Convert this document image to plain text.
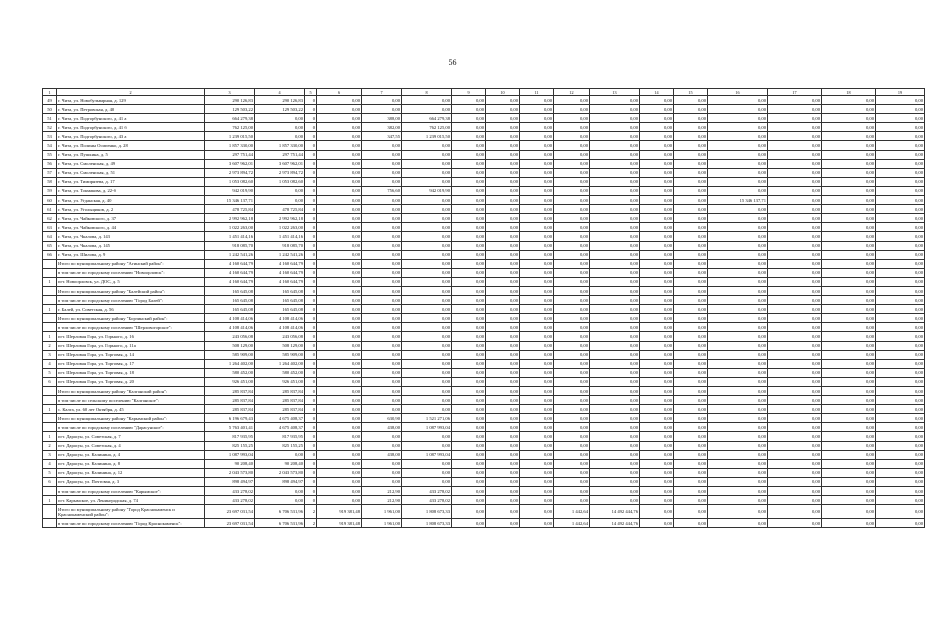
56
1	2	3	4	5	6	7	8	9	10	11	12	13	14	15	16	17	18	19
49	г. Чита, ул. Новобульварная, д. 129	290 126,83	290 126,83	0	0,00	0,00	0,00	0,00	0,00	0,00	0,00	0,00	0,00	0,00	0,00	0,00	0,00	0,00
50	г. Чита, ул. Петровская, д. 40	129 503,22	129 503,22	0	0,00	0,00	0,00	0,00	0,00	0,00	0,00	0,00	0,00	0,00	0,00	0,00	0,00	0,00
51	г. Чита, ул. Подгорбунского, д. 41 а	664 279,38	0,00	0	0,00	388,00	664 279,38	0,00	0,00	0,00	0,00	0,00	0,00	0,00	0,00	0,00	0,00	0,00
52	г. Чита, ул. Подгорбунского, д. 41 б	762 125,00	0,00	0	0,00	382,00	762 125,00	0,00	0,00	0,00	0,00	0,00	0,00	0,00	0,00	0,00	0,00	0,00
53	г. Чита, ул. Подгорбунского, д. 43 а	1 239 015,50	0,00	0	0,00	347,55	1 239 015,50	0,00	0,00	0,00	0,00	0,00	0,00	0,00	0,00	0,00	0,00	0,00
54	г. Чита, ул. Полины Осипенко, д. 28	1 857 330,00	1 857 330,00	0	0,00	0,00	0,00	0,00	0,00	0,00	0,00	0,00	0,00	0,00	0,00	0,00	0,00	0,00
55	г. Чита, ул. Пушкина, д. 5	297 751,44	297 751,44	0	0,00	0,00	0,00	0,00	0,00	0,00	0,00	0,00	0,00	0,00	0,00	0,00	0,00	0,00
56	г. Чита, ул. Смоленская, д. 49	3 607 962,01	3 607 962,01	0	0,00	0,00	0,00	0,00	0,00	0,00	0,00	0,00	0,00	0,00	0,00	0,00	0,00	0,00
57	г. Чита, ул. Смоленская, д. 51	2 973 894,72	2 973 894,72	0	0,00	0,00	0,00	0,00	0,00	0,00	0,00	0,00	0,00	0,00	0,00	0,00	0,00	0,00
58	г. Чита, ул. Тимирязева, д. 17	1 053 082,60	1 053 082,60	0	0,00	0,00	0,00	0,00	0,00	0,00	0,00	0,00	0,00	0,00	0,00	0,00	0,00	0,00
59	г. Чита, ул. Токмакова, д. 22-б	942 019,90	0,00	0	0,00	756,60	942 019,90	0,00	0,00	0,00	0,00	0,00	0,00	0,00	0,00	0,00	0,00	0,00
60	г. Чита, ул. Угданская, д. 40	15 346 137,71	0,00	0	0,00	0,00	0,00	0,00	0,00	0,00	0,00	0,00	0,00	0,00	15 346 137,71	0,00	0,00	0,00
61	г. Чита, ул. Угольщиков, д. 2	478 725,84	478 725,84	0	0,00	0,00	0,00	0,00	0,00	0,00	0,00	0,00	0,00	0,00	0,00	0,00	0,00	0,00
62	г. Чита, ул. Чайковского, д. 37	2 992 962,18	2 992 962,18	0	0,00	0,00	0,00	0,00	0,00	0,00	0,00	0,00	0,00	0,00	0,00	0,00	0,00	0,00
63	г. Чита, ул. Чайковского, д. 44	1 022 263,00	1 022 263,00	0	0,00	0,00	0,00	0,00	0,00	0,00	0,00	0,00	0,00	0,00	0,00	0,00	0,00	0,00
64	г. Чита, ул. Чкалова, д. 143	1 451 414,16	1 451 414,16	0	0,00	0,00	0,00	0,00	0,00	0,00	0,00	0,00	0,00	0,00	0,00	0,00	0,00	0,00
65	г. Чита, ул. Чкалова, д. 145	918 085,70	918 085,70	0	0,00	0,00	0,00	0,00	0,00	0,00	0,00	0,00	0,00	0,00	0,00	0,00	0,00	0,00
66	г. Чита, ул. Шилова, д. 9	1 242 541,26	1 242 541,26	0	0,00	0,00	0,00	0,00	0,00	0,00	0,00	0,00	0,00	0,00	0,00	0,00	0,00	0,00
	Итого по муниципальному району "Агинский район":	4 160 644,79	4 160 644,79	0	0,00	0,00	0,00	0,00	0,00	0,00	0,00	0,00	0,00	0,00	0,00	0,00	0,00	0,00
	в том числе по городскому поселению "Новоорловск":	4 160 644,79	4 160 644,79	0	0,00	0,00	0,00	0,00	0,00	0,00	0,00	0,00	0,00	0,00	0,00	0,00	0,00	0,00
1	пгт. Новоорловск, ул. ДОС, д. 5	4 160 644,79	4 160 644,79	0	0,00	0,00	0,00	0,00	0,00	0,00	0,00	0,00	0,00	0,00	0,00	0,00	0,00	0,00
	Итого по муниципальному району "Балейский район":	165 645,08	165 645,08	0	0,00	0,00	0,00	0,00	0,00	0,00	0,00	0,00	0,00	0,00	0,00	0,00	0,00	0,00
	в том числе по городскому поселению "Город Балей":	165 645,08	165 645,08	0	0,00	0,00	0,00	0,00	0,00	0,00	0,00	0,00	0,00	0,00	0,00	0,00	0,00	0,00
1	г. Балей, ул. Советская, д. 56	165 645,08	165 645,08	0	0,00	0,00	0,00	0,00	0,00	0,00	0,00	0,00	0,00	0,00	0,00	0,00	0,00	0,00
	Итого по муниципальному району "Борзинский район":	4 108 414,06	4 108 414,06	0	0,00	0,00	0,00	0,00	0,00	0,00	0,00	0,00	0,00	0,00	0,00	0,00	0,00	0,00
	в том числе по городскому поселению "Шерловогорское":	4 108 414,06	4 108 414,06	0	0,00	0,00	0,00	0,00	0,00	0,00	0,00	0,00	0,00	0,00	0,00	0,00	0,00	0,00
1	пгт. Шерловая Гора, ул. Горького, д. 16	243 056,08	243 056,08	0	0,00	0,00	0,00	0,00	0,00	0,00	0,00	0,00	0,00	0,00	0,00	0,00	0,00	0,00
2	пгт. Шерловая Гора, ул. Горького, д. 11а	508 129,00	508 129,00	0	0,00	0,00	0,00	0,00	0,00	0,00	0,00	0,00	0,00	0,00	0,00	0,00	0,00	0,00
3	пгт. Шерловая Гора, ул. Торговая, д. 14	585 909,00	585 909,00	0	0,00	0,00	0,00	0,00	0,00	0,00	0,00	0,00	0,00	0,00	0,00	0,00	0,00	0,00
4	пгт. Шерловая Гора, ул. Торговая, д. 17	1 264 402,00	1 264 402,00	0	0,00	0,00	0,00	0,00	0,00	0,00	0,00	0,00	0,00	0,00	0,00	0,00	0,00	0,00
5	пгт. Шерловая Гора, ул. Торговая, д. 18	580 452,00	580 452,00	0	0,00	0,00	0,00	0,00	0,00	0,00	0,00	0,00	0,00	0,00	0,00	0,00	0,00	0,00
6	пгт. Шерловая Гора, ул. Торговая, д. 20	926 451,00	926 451,00	0	0,00	0,00	0,00	0,00	0,00	0,00	0,00	0,00	0,00	0,00	0,00	0,00	0,00	0,00
	Итого по муниципальному району "Калганский район":	285 837,84	285 837,84	0	0,00	0,00	0,00	0,00	0,00	0,00	0,00	0,00	0,00	0,00	0,00	0,00	0,00	0,00
	в том числе по сельскому поселению "Калганское":	285 837,84	285 837,84	0	0,00	0,00	0,00	0,00	0,00	0,00	0,00	0,00	0,00	0,00	0,00	0,00	0,00	0,00
1	с. Калга, ул. 60 лет Октября, д. 45	285 837,84	285 837,84	0	0,00	0,00	0,00	0,00	0,00	0,00	0,00	0,00	0,00	0,00	0,00	0,00	0,00	0,00
	Итого по муниципальному району "Карымский район":	6 196 679,43	4 675 408,37	0	0,00	630,90	1 521 271,06	0,00	0,00	0,00	0,00	0,00	0,00	0,00	0,00	0,00	0,00	0,00
	в том числе по городскому поселению "Дарасунское":	5 763 401,41	4 675 408,37	0	0,00	438,00	1 087 993,04	0,00	0,00	0,00	0,00	0,00	0,00	0,00	0,00	0,00	0,00	0,00
1	пгт. Дарасун, ул. Советская, д. 7	817 935,95	817 935,95	0	0,00	0,00	0,00	0,00	0,00	0,00	0,00	0,00	0,00	0,00	0,00	0,00	0,00	0,00
2	пгт. Дарасун, ул. Советская, д. 4	825 155,25	825 155,25	0	0,00	0,00	0,00	0,00	0,00	0,00	0,00	0,00	0,00	0,00	0,00	0,00	0,00	0,00
3	пгт. Дарасун, ул. Калинина, д. 4	1 087 993,04	0,00	0	0,00	438,00	1 087 993,04	0,00	0,00	0,00	0,00	0,00	0,00	0,00	0,00	0,00	0,00	0,00
4	пгт. Дарасун, ул. Калинина, д. 8	90 208,40	90 208,40	0	0,00	0,00	0,00	0,00	0,00	0,00	0,00	0,00	0,00	0,00	0,00	0,00	0,00	0,00
5	пгт. Дарасун, ул. Калинина, д. 12	2 043 573,80	2 043 573,80	0	0,00	0,00	0,00	0,00	0,00	0,00	0,00	0,00	0,00	0,00	0,00	0,00	0,00	0,00
6	пгт. Дарасун, ул. Почтовая, д. 3	898 494,97	898 494,97	0	0,00	0,00	0,00	0,00	0,00	0,00	0,00	0,00	0,00	0,00	0,00	0,00	0,00	0,00
	в том числе по городскому поселению "Карымское":	433 278,02	0,00	0	0,00	212,90	433 278,02	0,00	0,00	0,00	0,00	0,00	0,00	0,00	0,00	0,00	0,00	0,00
1	пгт. Карымское, ул. Ленинградская, д. 74	433 278,02	0,00	0	0,00	212,90	433 278,02	0,00	0,00	0,00	0,00	0,00	0,00	0,00	0,00	0,00	0,00	0,00
	Итого по муниципальному району "Город Краснокаменск и Краснокаменский район":	23 697 031,54	6 706 531,96	2	919 381,48	1 961,00	1 808 673,33	0,00	0,00	0,00	1 442,64	14 492 444,76	0,00	0,00	0,00	0,00	0,00	0,00
	в том числе по городскому поселению "Город Краснокаменск":	23 697 031,54	6 706 531,96	2	919 381,48	1 961,00	1 808 673,33	0,00	0,00	0,00	1 442,64	14 492 444,76	0,00	0,00	0,00	0,00	0,00	0,00
